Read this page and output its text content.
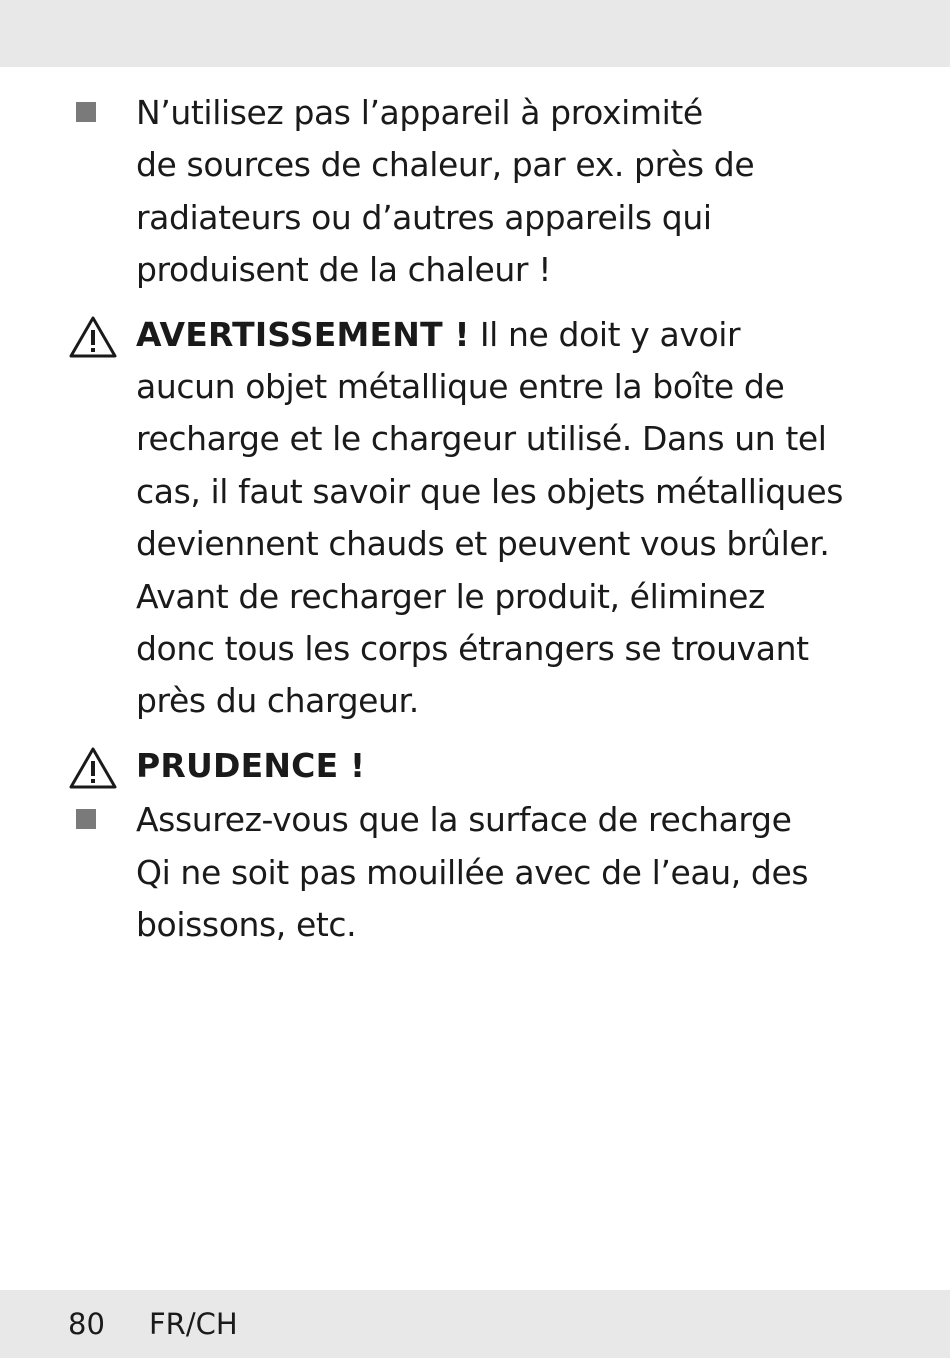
N’utilisez pas l’appareil à proximité
de sources de chaleur, par ex. près de
radiateurs ou d’autres appareils qui
produisent de la chaleur !
AVERTISSEMENT ! Il ne doit y avoir
aucun objet métallique entre la boîte de
recharge et le chargeur utilisé. Dans un tel
cas, il faut savoir que les objets métalliques
deviennent chauds et peuvent vous brûler.
Avant de recharger le produit, éliminez
donc tous les corps étrangers se trouvant
près du chargeur.
PRUDENCE !
Assurez-vous que la surface de recharge
Qi ne soit pas mouillée avec de l’eau, des
boissons, etc.
80 FR/CH
